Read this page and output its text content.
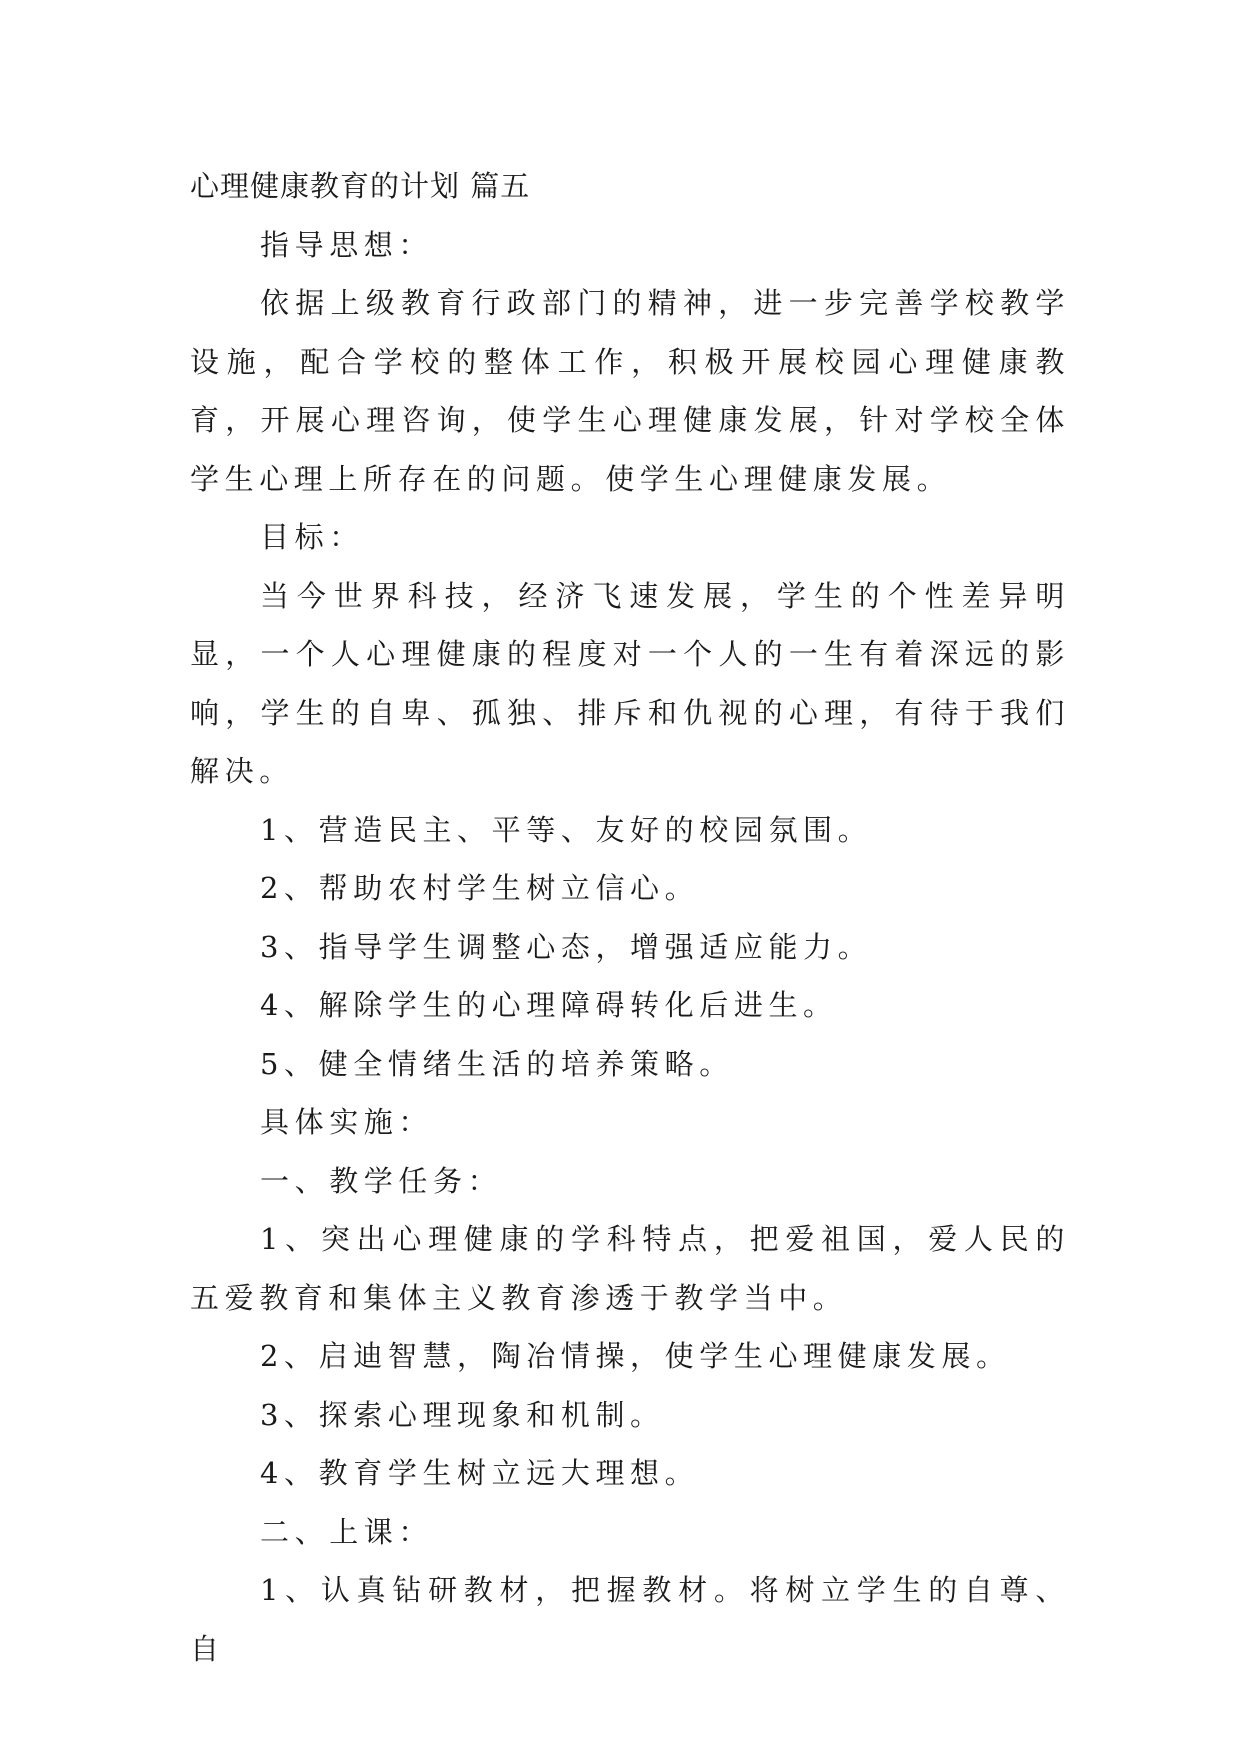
心理健康教育的计划 篇五

指导思想：

依据上级教育行政部门的精神，进一步完善学校教学设施，配合学校的整体工作，积极开展校园心理健康教育，开展心理咨询，使学生心理健康发展，针对学校全体学生心理上所存在的问题。使学生心理健康发展。

目标：

当今世界科技，经济飞速发展，学生的个性差异明显，一个人心理健康的程度对一个人的一生有着深远的影响，学生的自卑、孤独、排斥和仇视的心理，有待于我们解决。

1、营造民主、平等、友好的校园氛围。

2、帮助农村学生树立信心。

3、指导学生调整心态，增强适应能力。

4、解除学生的心理障碍转化后进生。

5、健全情绪生活的培养策略。

具体实施：

一、教学任务：

1、突出心理健康的学科特点，把爱祖国，爱人民的五爱教育和集体主义教育渗透于教学当中。

2、启迪智慧，陶冶情操，使学生心理健康发展。

3、探索心理现象和机制。

4、教育学生树立远大理想。

二、上课：

1、认真钻研教材，把握教材。将树立学生的自尊、自
